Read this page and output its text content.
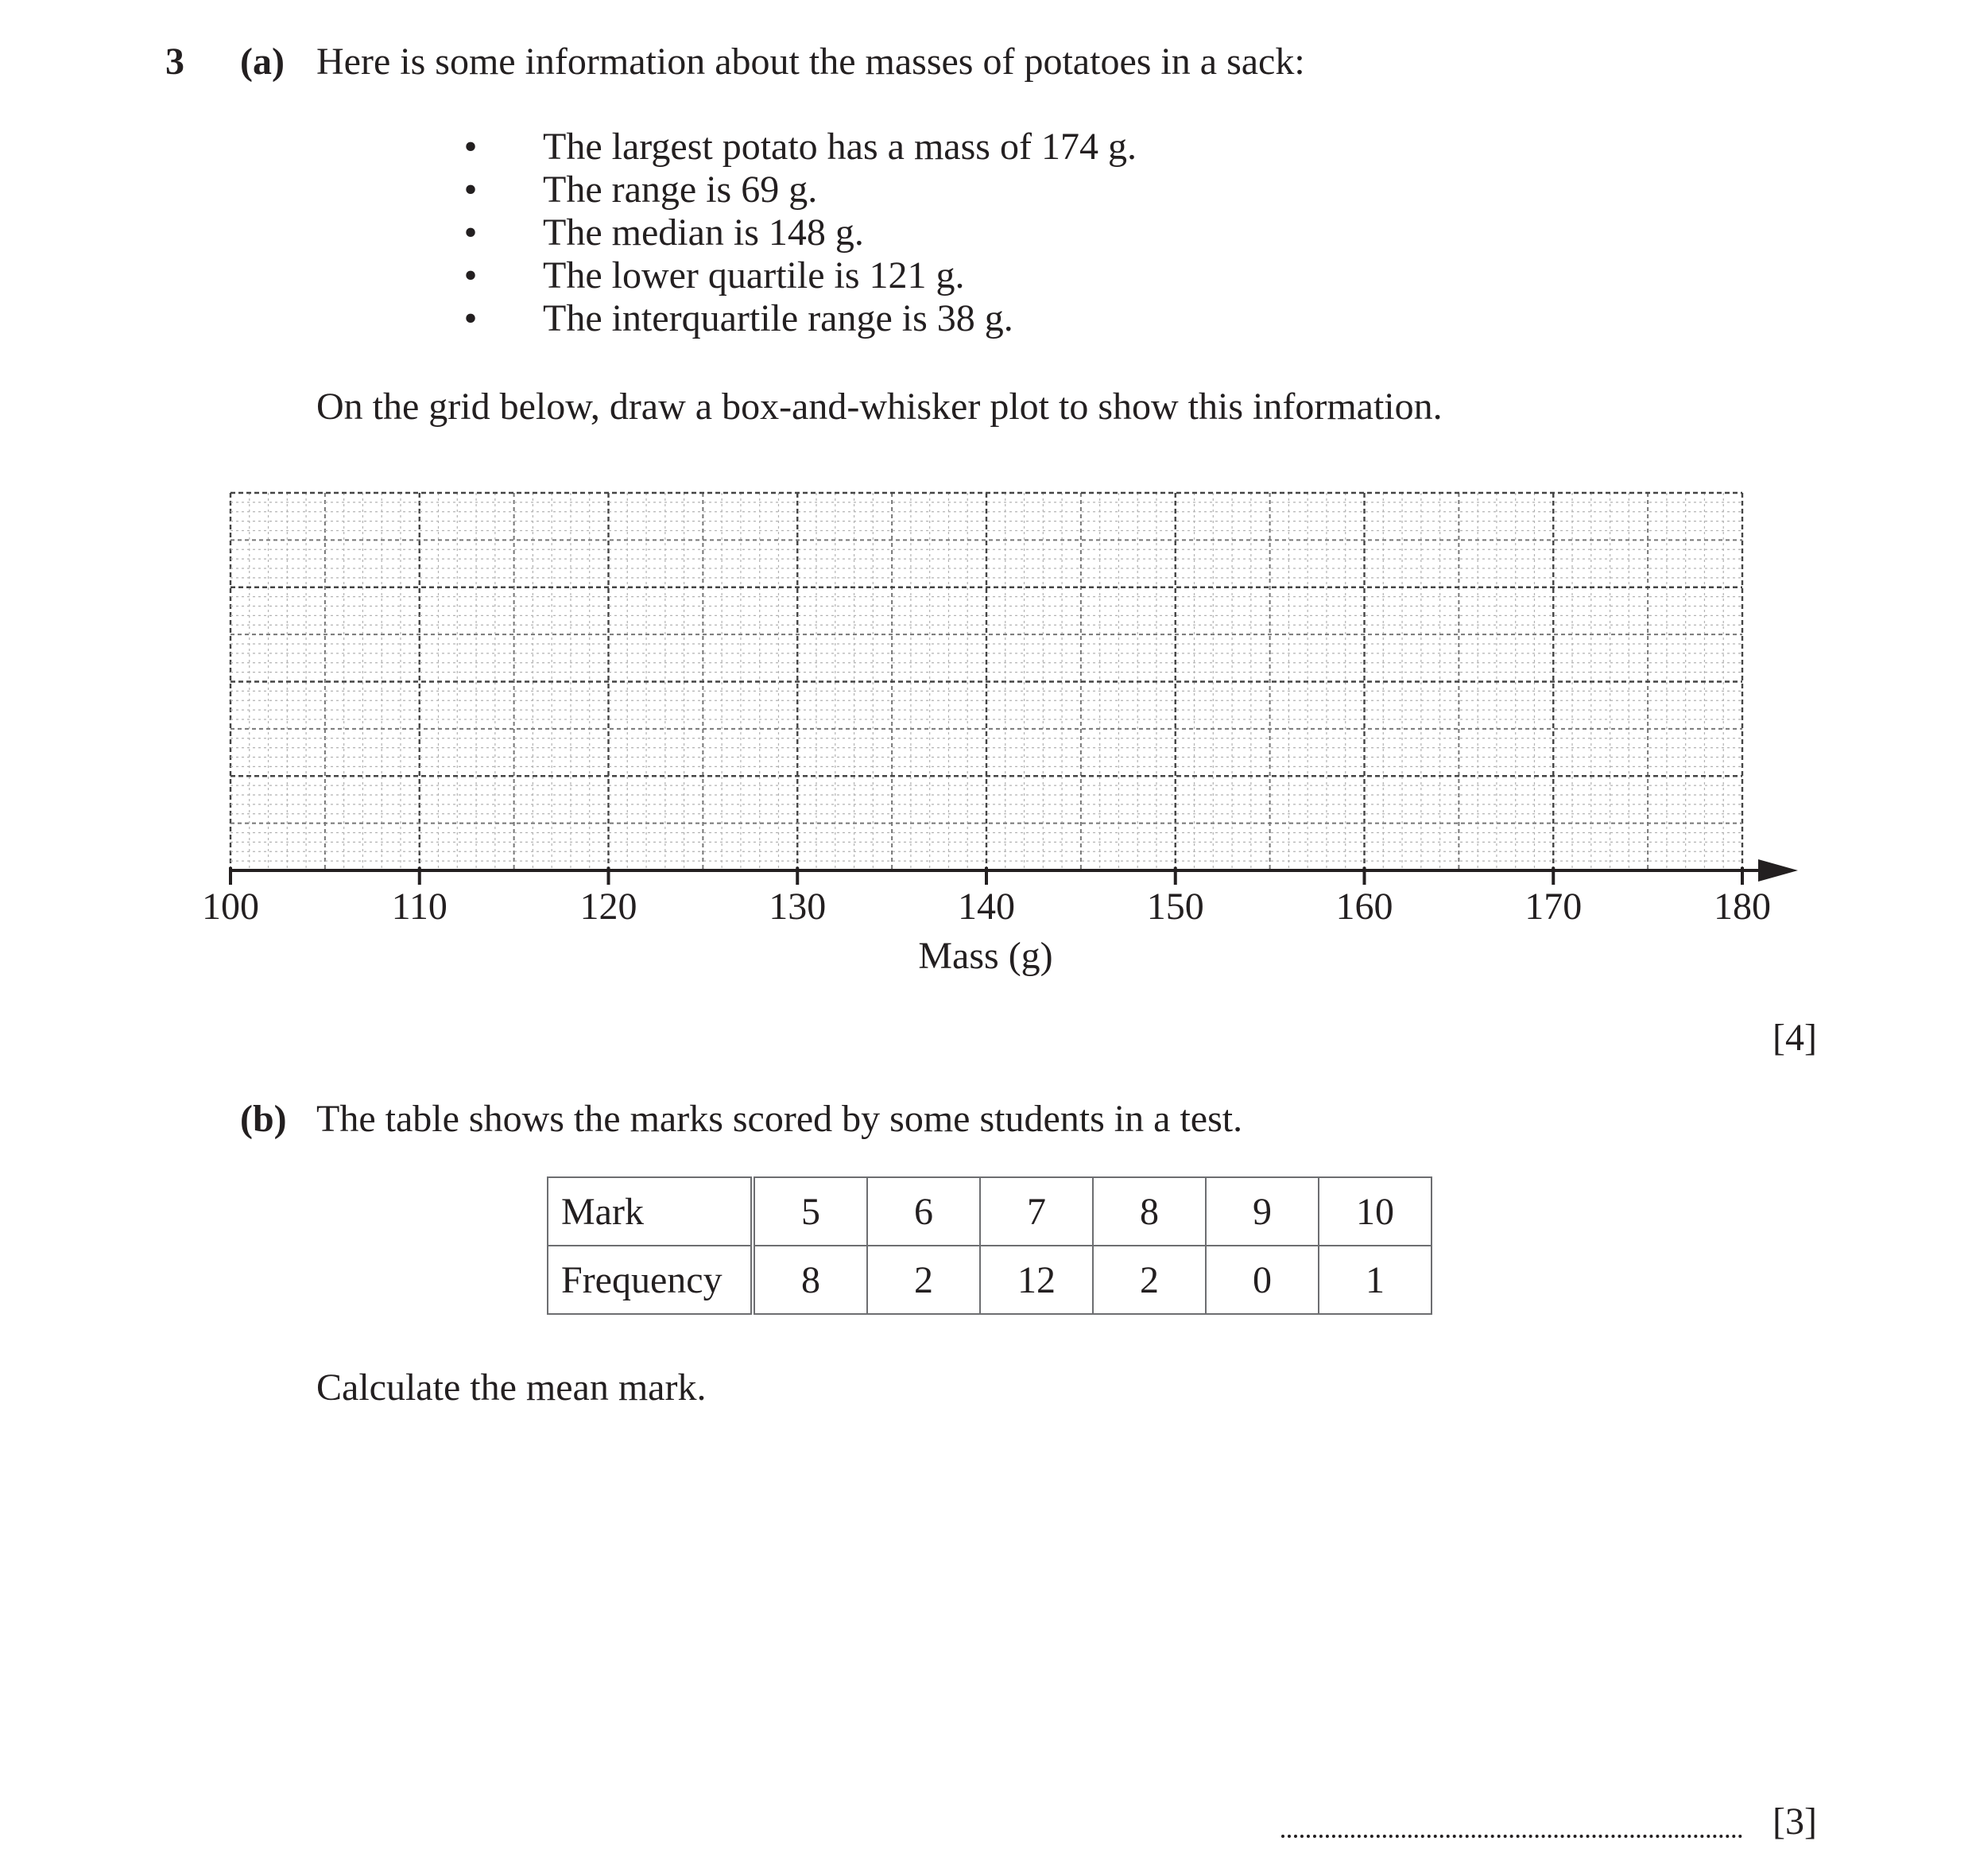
3 (a) Here is some information about the masses of potatoes in a sack:
• The largest potato has a mass of 174 g.
• The range is 69 g.
• The median is 148 g.
• The lower quartile is 121 g.
• The interquartile range is 38 g.
On the grid below, draw a box-and-whisker plot to show this information.
100	110	120	130	140	150	160	170	180
Mass (g)
[4]
(b) The table shows the marks scored by some students in a test.
Mark	5	6	7	8	9	10
Frequency	8	2	12	2	0	1
Calculate the mean mark.
[3]
